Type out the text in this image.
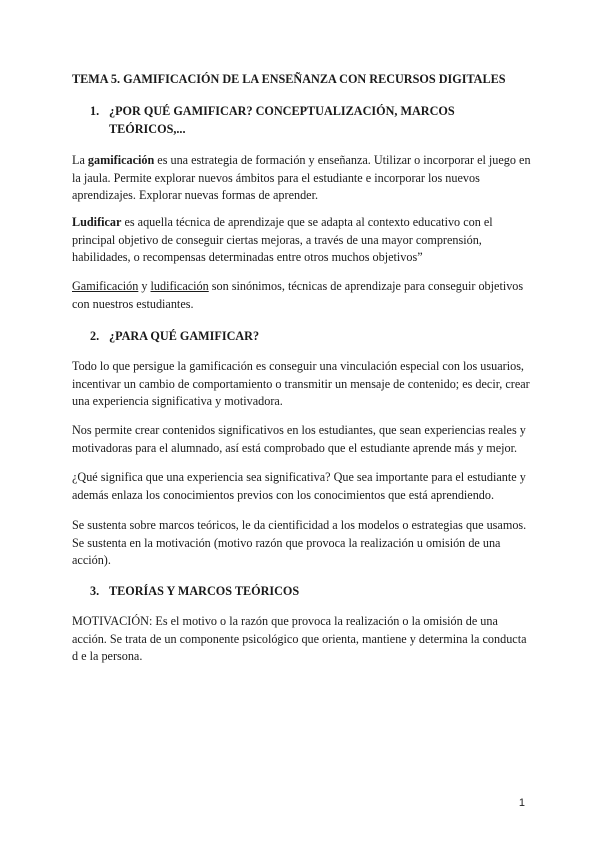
TEMA 5. GAMIFICACIÓN DE LA ENSEÑANZA CON RECURSOS DIGITALES
1. ¿POR QUÉ GAMIFICAR? CONCEPTUALIZACIÓN, MARCOS TEÓRICOS,...
La gamificación es una estrategia de formación y enseñanza. Utilizar o incorporar el juego en la jaula. Permite explorar nuevos ámbitos para el estudiante e incorporar los nuevos aprendizajes. Explorar nuevas formas de aprender.
Ludificar es aquella técnica de aprendizaje que se adapta al contexto educativo con el principal objetivo de conseguir ciertas mejoras, a través de una mayor comprensión, habilidades, o recompensas determinadas entre otros muchos objetivos”
Gamificación y ludificación son sinónimos, técnicas de aprendizaje para conseguir objetivos con nuestros estudiantes.
2. ¿PARA QUÉ GAMIFICAR?
Todo lo que persigue la gamificación es conseguir una vinculación especial con los usuarios, incentivar un cambio de comportamiento o transmitir un mensaje de contenido; es decir, crear una experiencia significativa y motivadora.
Nos permite crear contenidos significativos en los estudiantes, que sean experiencias reales y motivadoras para el alumnado, así está comprobado que el estudiante aprende más y mejor.
¿Qué significa que una experiencia sea significativa? Que sea importante para el estudiante y además enlaza los conocimientos previos con los conocimientos que está aprendiendo.
Se sustenta sobre marcos teóricos, le da cientificidad a los modelos o estrategias que usamos. Se sustenta en la motivación (motivo razón que provoca la realización u omisión de una acción).
3. TEORÍAS Y MARCOS TEÓRICOS
MOTIVACIÓN: Es el motivo o la razón que provoca la realización o la omisión de una acción. Se trata de un componente psicológico que orienta, mantiene y determina la conducta d e la persona.
1
